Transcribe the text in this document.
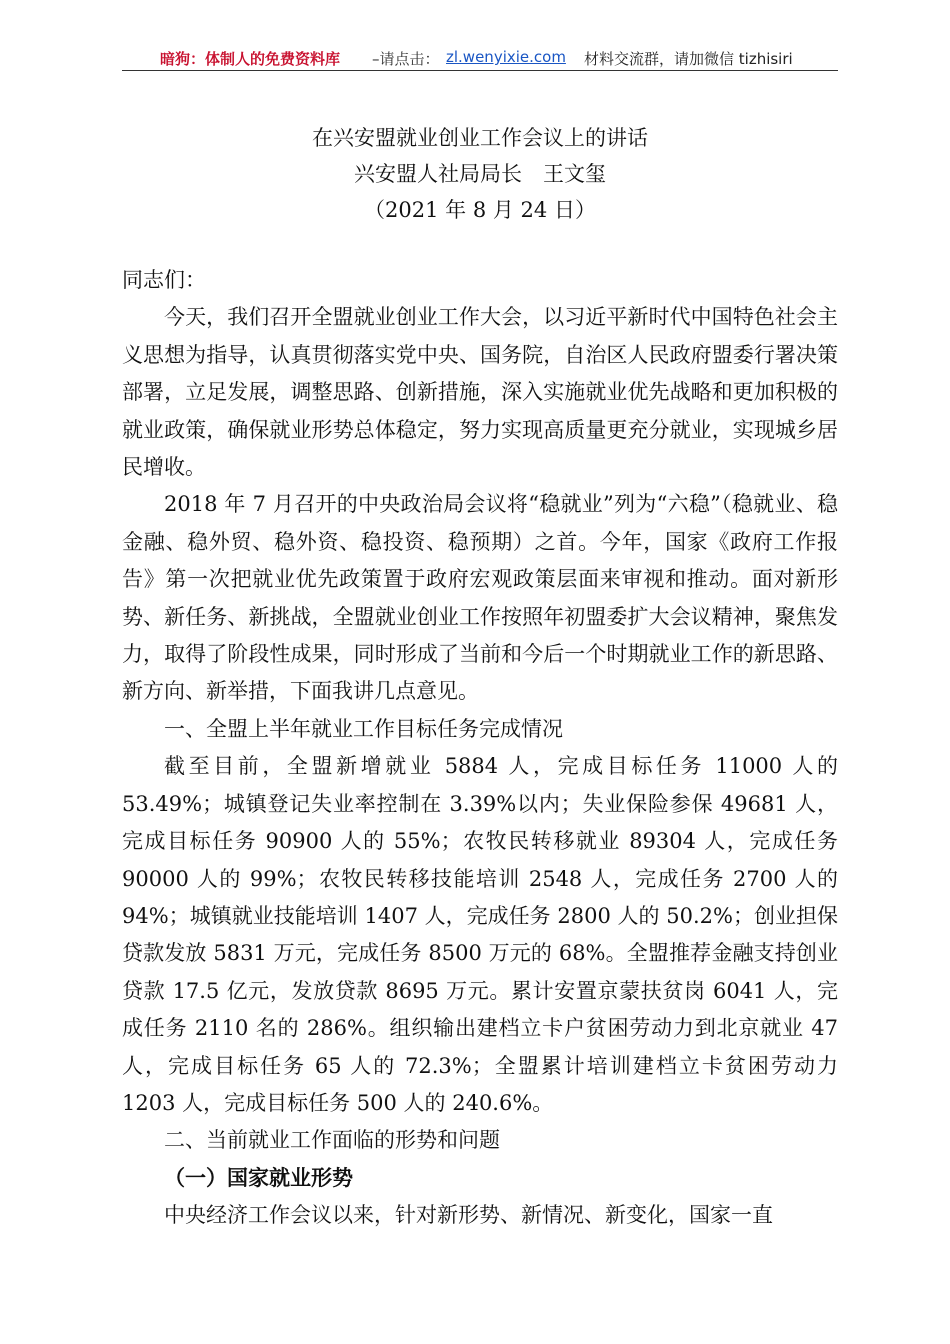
暗狗：体制人的免费资料库 –请点击： zl.wenyixie.com 材料交流群，请加微信 tizhisiri
在兴安盟就业创业工作会议上的讲话
兴安盟人社局局长　王文玺
（2021 年 8 月 24 日）

同志们：

今天，我们召开全盟就业创业工作大会，以习近平新时代中国特色社会主义思想为指导，认真贯彻落实党中央、国务院，自治区人民政府盟委行署决策部署，立足发展，调整思路、创新措施，深入实施就业优先战略和更加积极的就业政策，确保就业形势总体稳定，努力实现高质量更充分就业，实现城乡居民增收。

2018 年 7 月召开的中央政治局会议将“稳就业”列为“六稳”（稳就业、稳金融、稳外贸、稳外资、稳投资、稳预期）之首。今年，国家《政府工作报告》第一次把就业优先政策置于政府宏观政策层面来审视和推动。面对新形势、新任务、新挑战，全盟就业创业工作按照年初盟委扩大会议精神，聚焦发力，取得了阶段性成果，同时形成了当前和今后一个时期就业工作的新思路、新方向、新举措，下面我讲几点意见。

一、全盟上半年就业工作目标任务完成情况

截至目前，全盟新增就业 5884 人，完成目标任务 11000 人的 53.49%；城镇登记失业率控制在 3.39%以内；失业保险参保 49681 人，完成目标任务 90900 人的 55%；农牧民转移就业 89304 人，完成任务 90000 人的 99%；农牧民转移技能培训 2548 人，完成任务 2700 人的 94%；城镇就业技能培训 1407 人，完成任务 2800 人的 50.2%；创业担保贷款发放 5831 万元，完成任务 8500 万元的 68%。全盟推荐金融支持创业贷款 17.5 亿元，发放贷款 8695 万元。累计安置京蒙扶贫岗 6041 人，完成任务 2110 名的 286%。组织输出建档立卡户贫困劳动力到北京就业 47 人，完成目标任务 65 人的 72.3%；全盟累计培训建档立卡贫困劳动力 1203 人，完成目标任务 500 人的 240.6%。

二、当前就业工作面临的形势和问题

（一）国家就业形势

中央经济工作会议以来，针对新形势、新情况、新变化，国家一直
